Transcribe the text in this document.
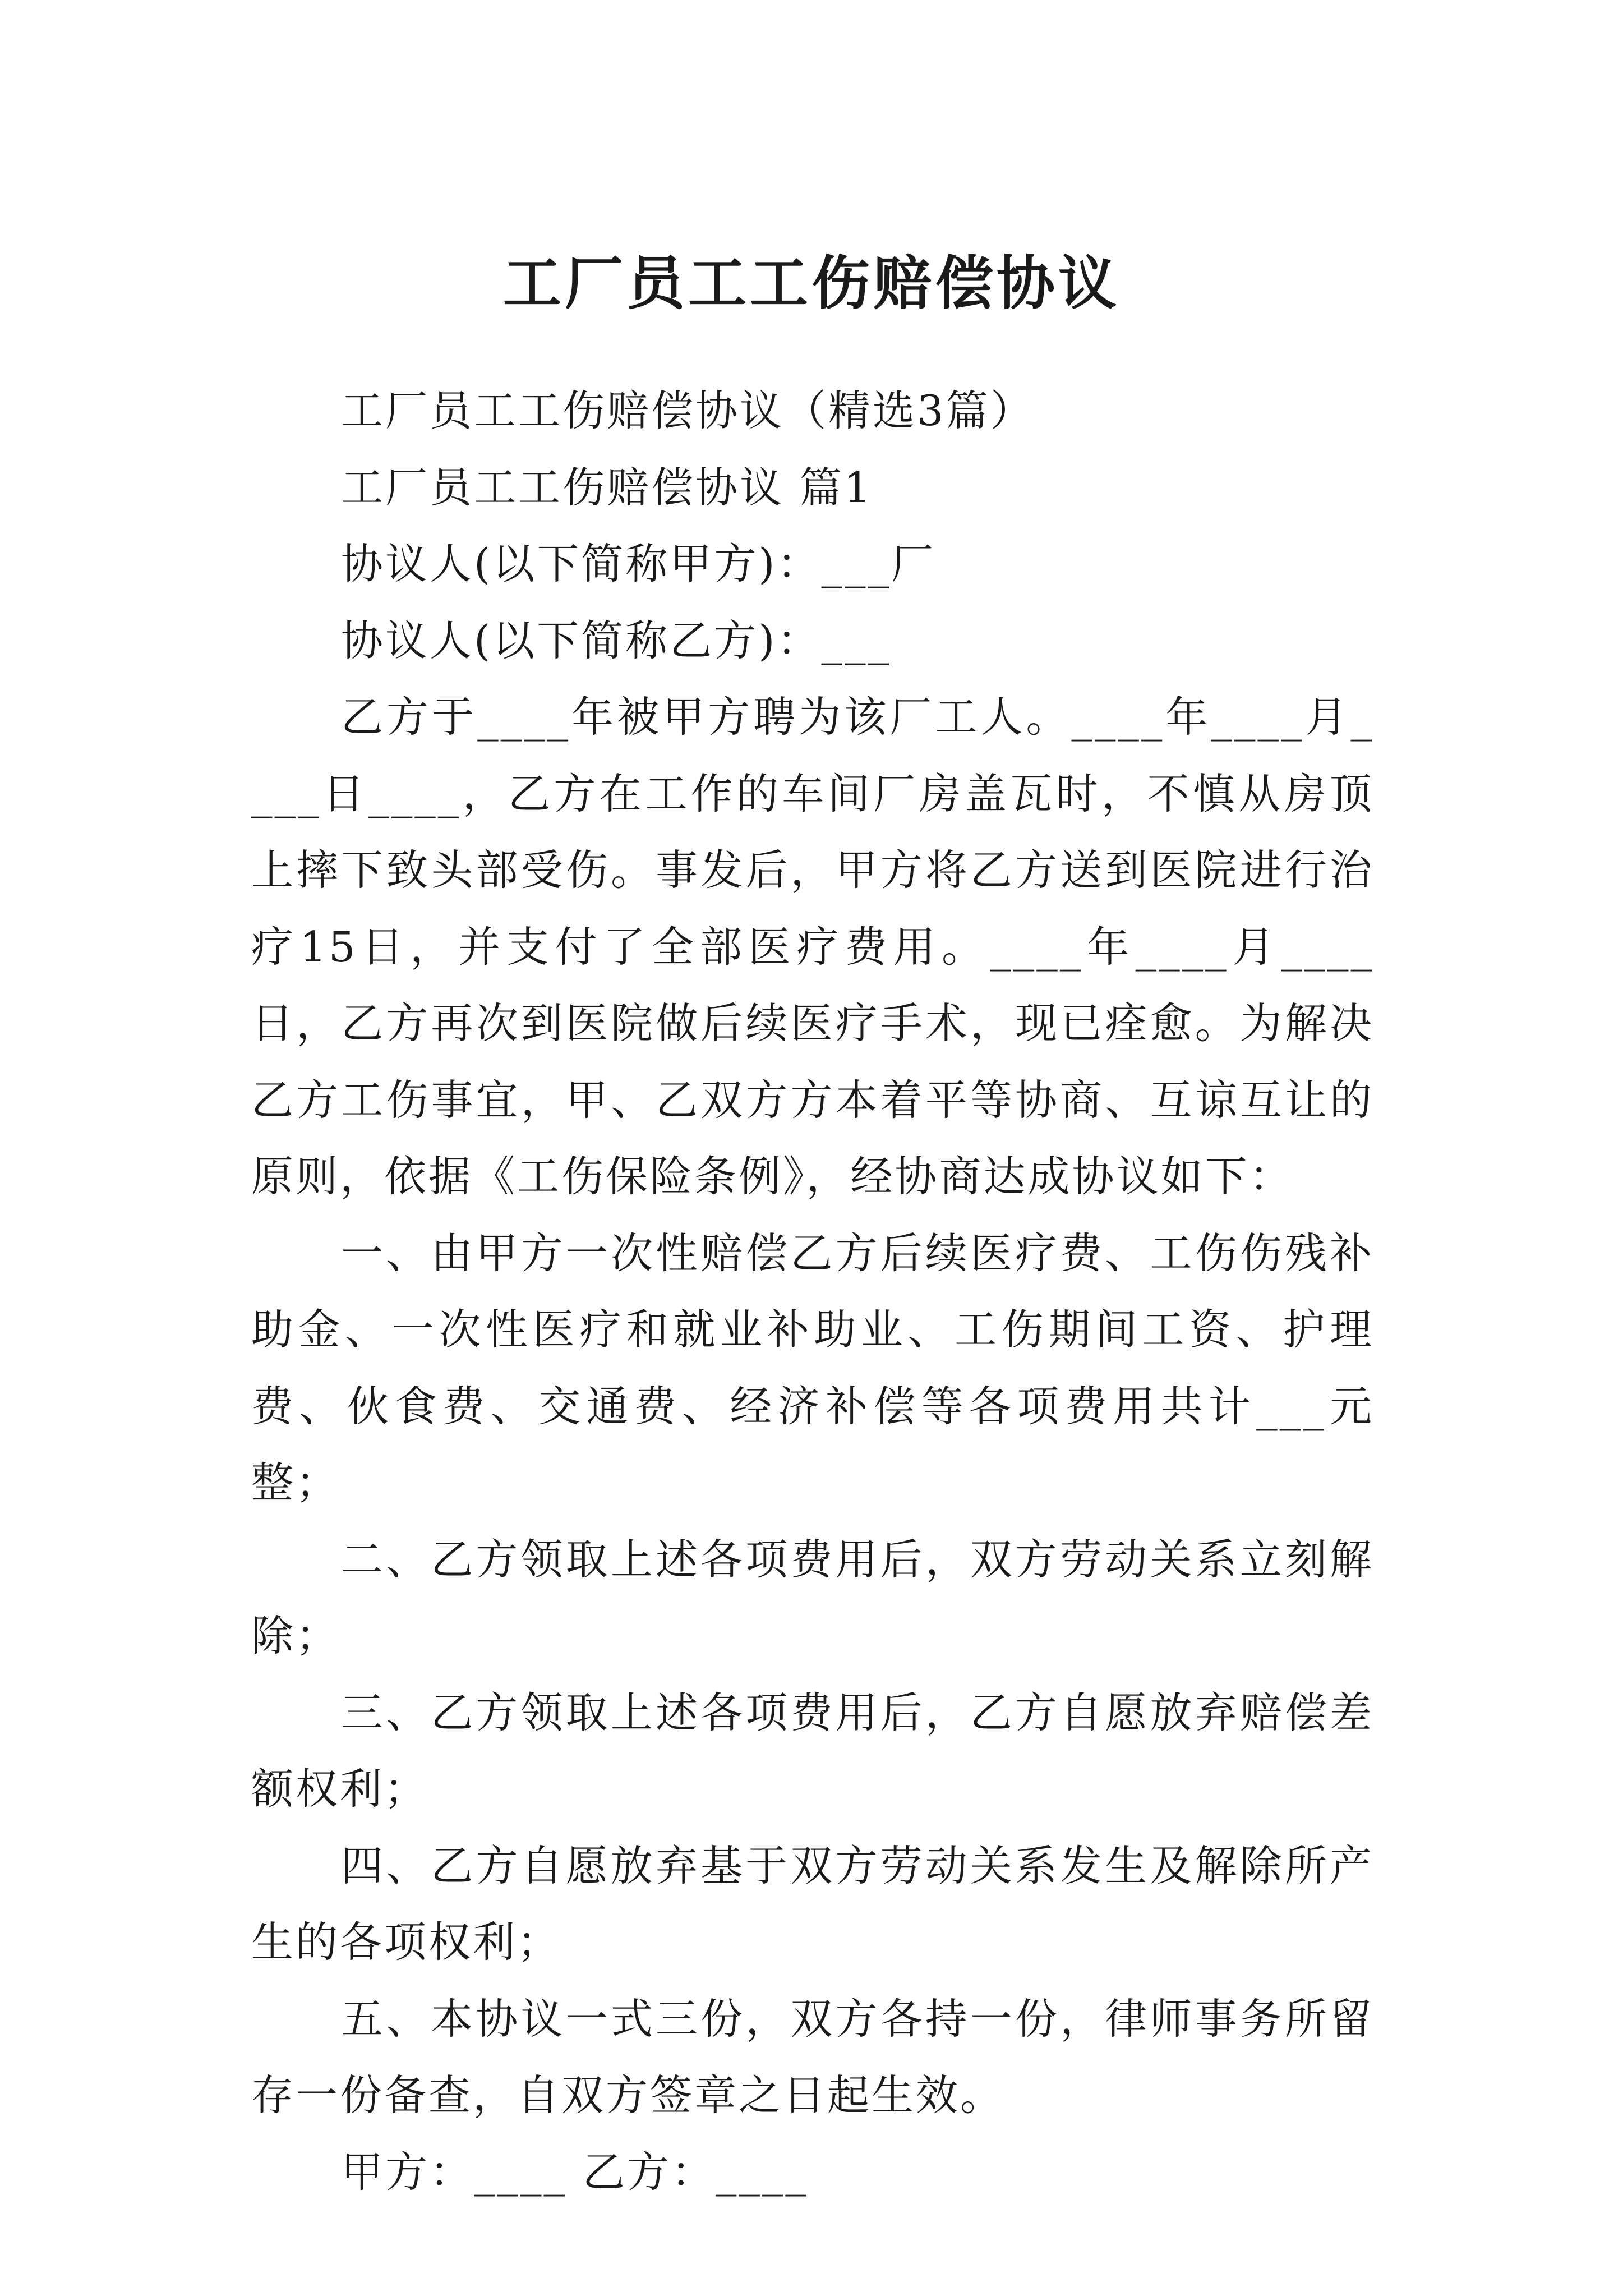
工厂员工工伤赔偿协议

工厂员工工伤赔偿协议（精选3篇）

工厂员工工伤赔偿协议 篇1

协议人(以下简称甲方)：___厂

协议人(以下简称乙方)：___

乙方于____年被甲方聘为该厂工人。____年____月____日____，乙方在工作的车间厂房盖瓦时，不慎从房顶上摔下致头部受伤。事发后，甲方将乙方送到医院进行治疗15日，并支付了全部医疗费用。____年____月____日，乙方再次到医院做后续医疗手术，现已痊愈。为解决乙方工伤事宜，甲、乙双方方本着平等协商、互谅互让的原则，依据《工伤保险条例》，经协商达成协议如下：

一、由甲方一次性赔偿乙方后续医疗费、工伤伤残补助金、一次性医疗和就业补助业、工伤期间工资、护理费、伙食费、交通费、经济补偿等各项费用共计___元整；

二、乙方领取上述各项费用后，双方劳动关系立刻解除；

三、乙方领取上述各项费用后，乙方自愿放弃赔偿差额权利；

四、乙方自愿放弃基于双方劳动关系发生及解除所产生的各项权利；

五、本协议一式三份，双方各持一份，律师事务所留存一份备查，自双方签章之日起生效。

甲方：____ 乙方：____
